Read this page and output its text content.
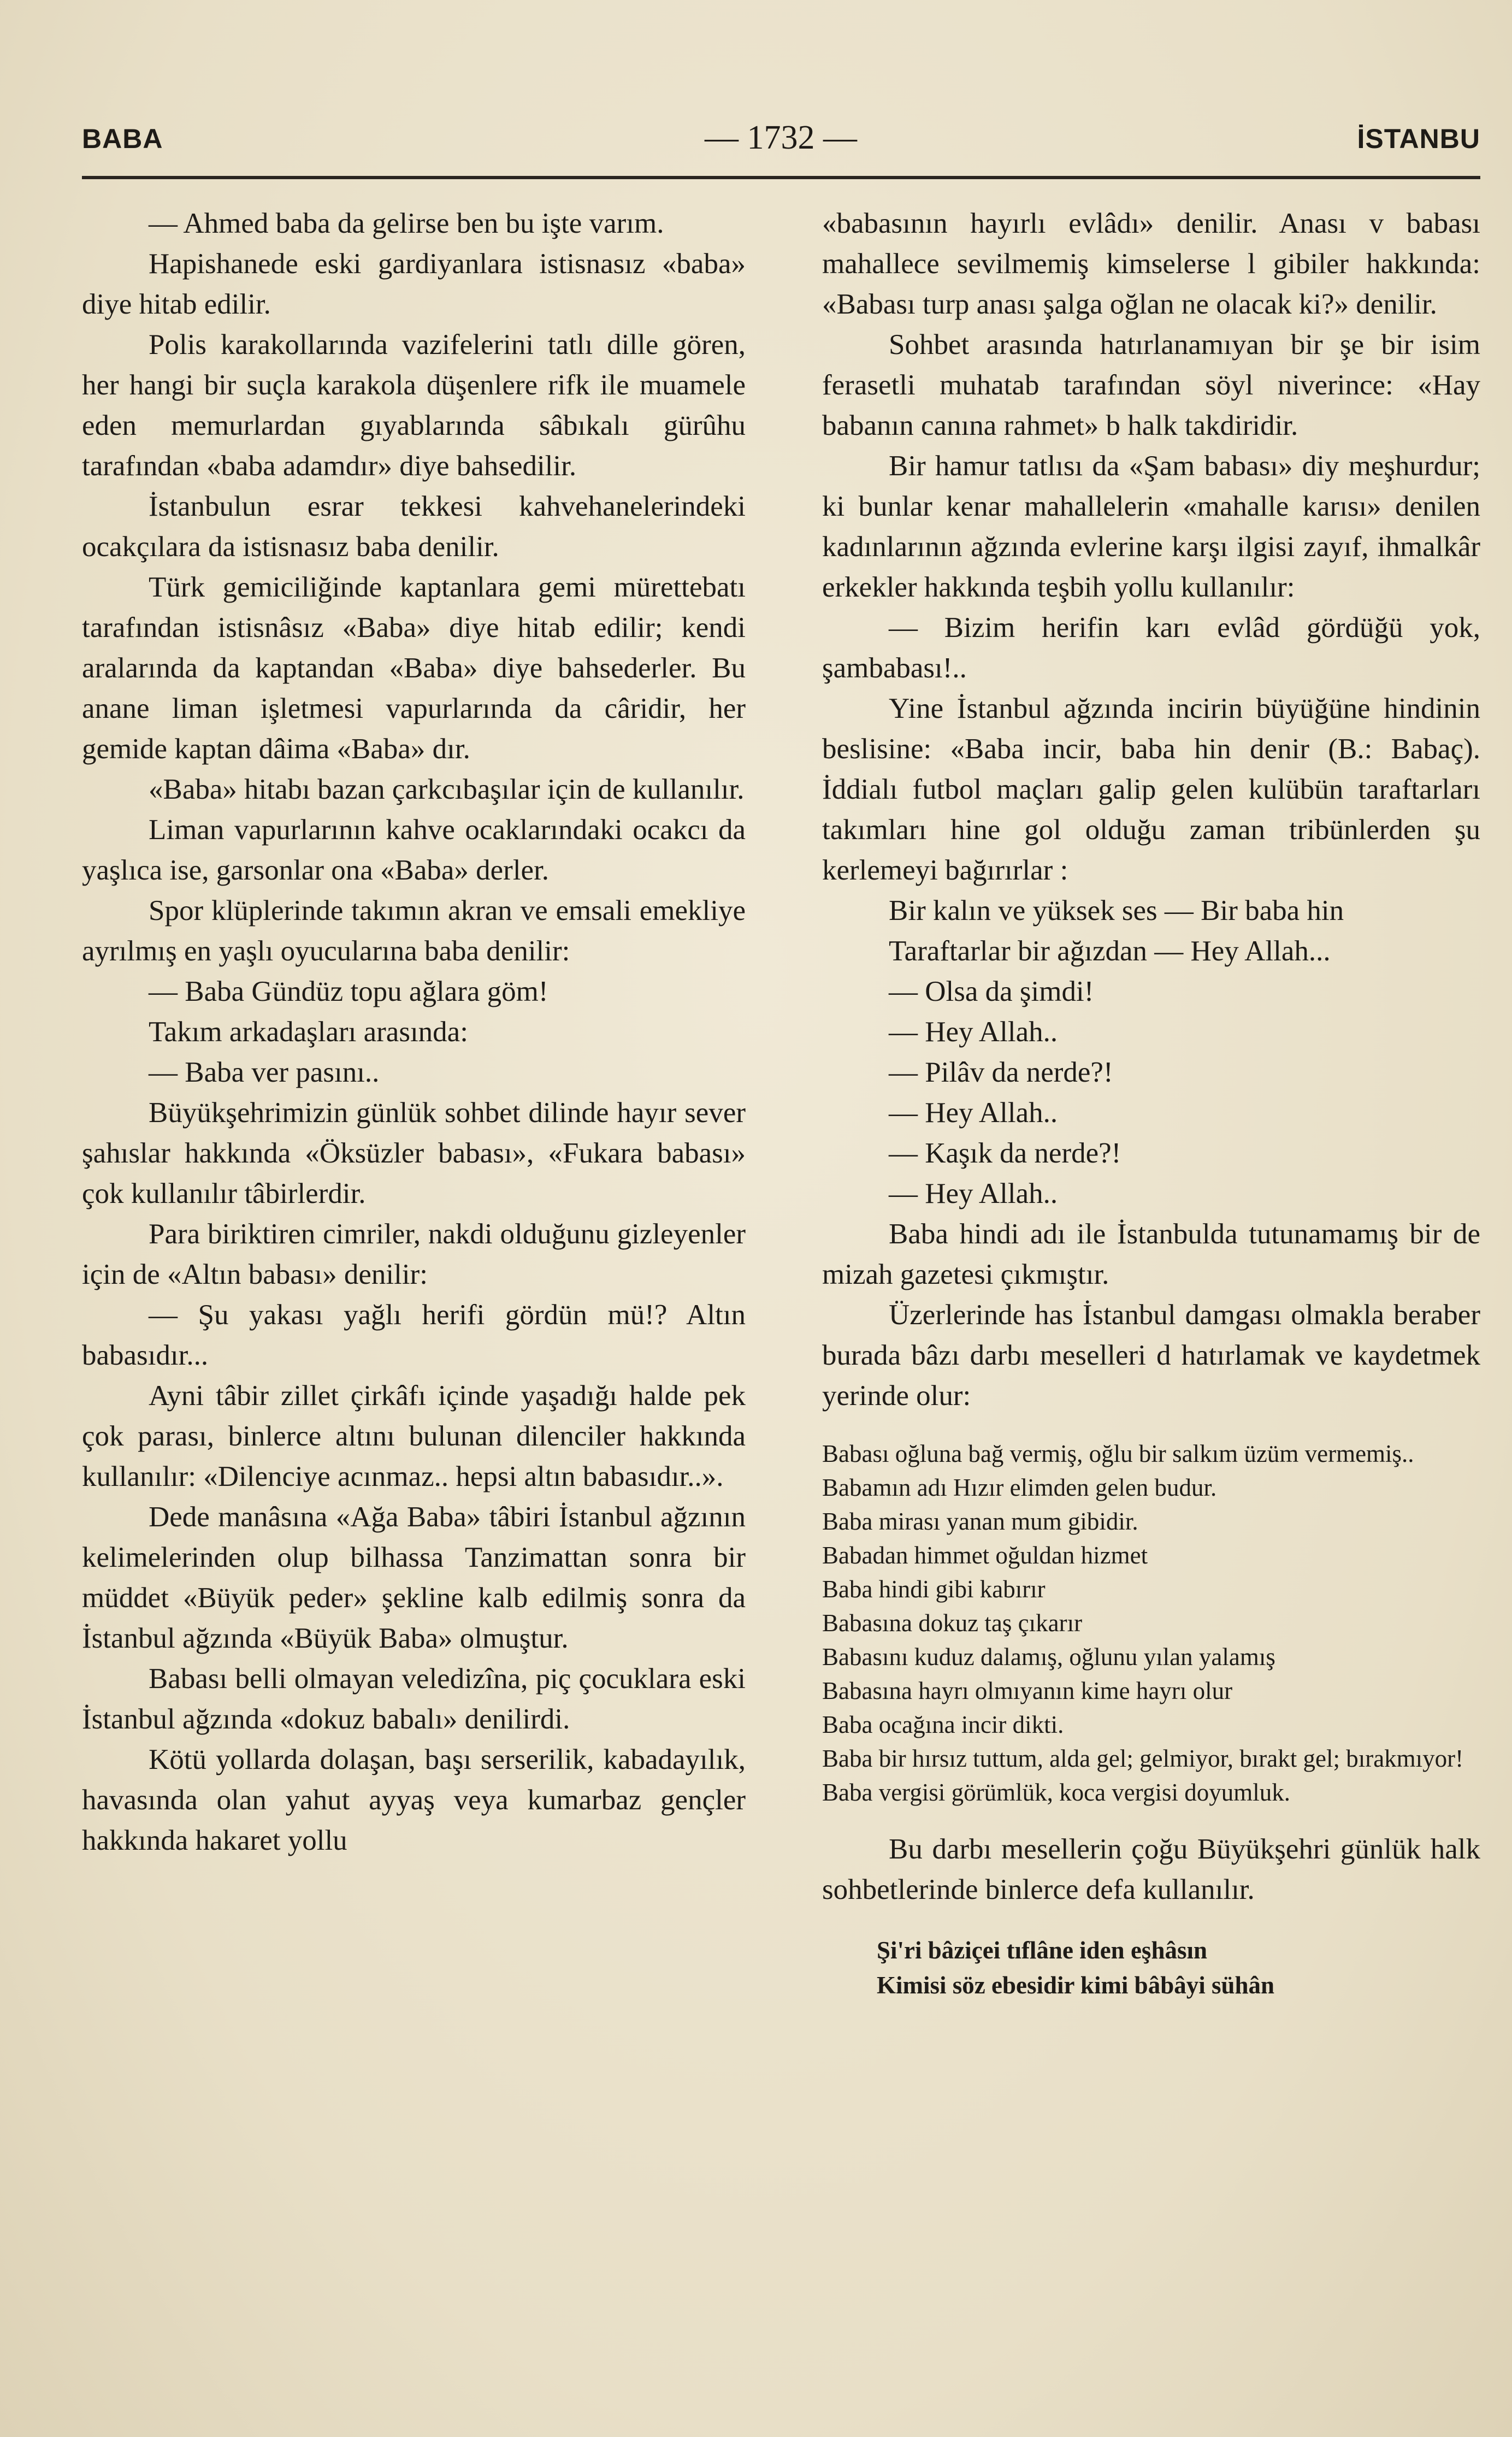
BABA	— 1732 —	İSTANBU

— Ahmed baba da gelirse ben bu işte varım.

Hapishanede eski gardiyanlara istisnasız «baba» diye hitab edilir.

Polis karakollarında vazifelerini tatlı dille gören, her hangi bir suçla karakola düşenlere rifk ile muamele eden memurlardan gıyablarında sâbıkalı gürûhu tarafından «baba adamdır» diye bahsedilir.

İstanbulun esrar tekkesi kahvehanelerindeki ocakçılara da istisnasız baba denilir.

Türk gemiciliğinde kaptanlara gemi mürettebatı tarafından istisnâsız «Baba» diye hitab edilir; kendi aralarında da kaptandan «Baba» diye bahsederler. Bu anane liman işletmesi vapurlarında da câridir, her gemide kaptan dâima «Baba» dır.

«Baba» hitabı bazan çarkcıbaşılar için de kullanılır.

Liman vapurlarının kahve ocaklarındaki ocakcı da yaşlıca ise, garsonlar ona «Baba» derler.

Spor klüplerinde takımın akran ve emsali emekliye ayrılmış en yaşlı oyucularına baba denilir:

— Baba Gündüz topu ağlara göm!

Takım arkadaşları arasında:

— Baba ver pasını..

Büyükşehrimizin günlük sohbet dilinde hayır sever şahıslar hakkında «Öksüzler babası», «Fukara babası» çok kullanılır tâbirlerdir.

Para biriktiren cimriler, nakdi olduğunu gizleyenler için de «Altın babası» denilir:

— Şu yakası yağlı herifi gördün mü!? Altın babasıdır...

Ayni tâbir zillet çirkâfı içinde yaşadığı halde pek çok parası, binlerce altını bulunan dilenciler hakkında kullanılır: «Dilenciye acınmaz.. hepsi altın babasıdır..».

Dede manâsına «Ağa Baba» tâbiri İstanbul ağzının kelimelerinden olup bilhassa Tanzimattan sonra bir müddet «Büyük peder» şekline kalb edilmiş sonra da İstanbul ağzında «Büyük Baba» olmuştur.

Babası belli olmayan veledizîna, piç çocuklara eski İstanbul ağzında «dokuz babalı» denilirdi.

Kötü yollarda dolaşan, başı serserilik, kabadayılık, havasında olan yahut ayyaş veya kumarbaz gençler hakkında hakaret yollu

«babasının hayırlı evlâdı» denilir. Anası v babası mahallece sevilmemiş kimselerse l gibiler hakkında: «Babası turp anası şalga oğlan ne olacak ki?» denilir.

Sohbet arasında hatırlanamıyan bir şe bir isim ferasetli muhatab tarafından söyl niverince: «Hay babanın canına rahmet» b halk takdiridir.

Bir hamur tatlısı da «Şam babası» diy meşhurdur; ki bunlar kenar mahallelerin «mahalle karısı» denilen kadınlarının ağzında evlerine karşı ilgisi zayıf, ihmalkâr erkekler hakkında teşbih yollu kullanılır:

— Bizim herifin karı evlâd gördüğü yok, şambabası!..

Yine İstanbul ağzında incirin büyüğüne hindinin beslisine: «Baba incir, baba hin denir (B.: Babaç). İddialı futbol maçları galip gelen kulübün taraftarları takımları hine gol olduğu zaman tribünlerden şu kerlemeyi bağırırlar :

Bir kalın ve yüksek ses — Bir baba hin

Taraftarlar bir ağızdan — Hey Allah...

— Olsa da şimdi!

— Hey Allah..

— Pilâv da nerde?!

— Hey Allah..

— Kaşık da nerde?!

— Hey Allah..

Baba hindi adı ile İstanbulda tutunamamış bir de mizah gazetesi çıkmıştır.

Üzerlerinde has İstanbul damgası olmakla beraber burada bâzı darbı meselleri d hatırlamak ve kaydetmek yerinde olur:

Babası oğluna bağ vermiş, oğlu bir salkım üzüm vermemiş..
Babamın adı Hızır elimden gelen budur.
Baba mirası yanan mum gibidir.
Babadan himmet oğuldan hizmet
Baba hindi gibi kabırır
Babasına dokuz taş çıkarır
Babasını kuduz dalamış, oğlunu yılan yalamış
Babasına hayrı olmıyanın kime hayrı olur
Baba ocağına incir dikti.
Baba bir hırsız tuttum, alda gel; gelmiyor, bırakt gel; bırakmıyor!
Baba vergisi görümlük, koca vergisi doyumluk.

Bu darbı mesellerin çoğu Büyükşehri günlük halk sohbetlerinde binlerce defa kullanılır.

Şi'ri bâziçei tıflâne iden eşhâsın
Kimisi söz ebesidir kimi bâbâyi sühân
